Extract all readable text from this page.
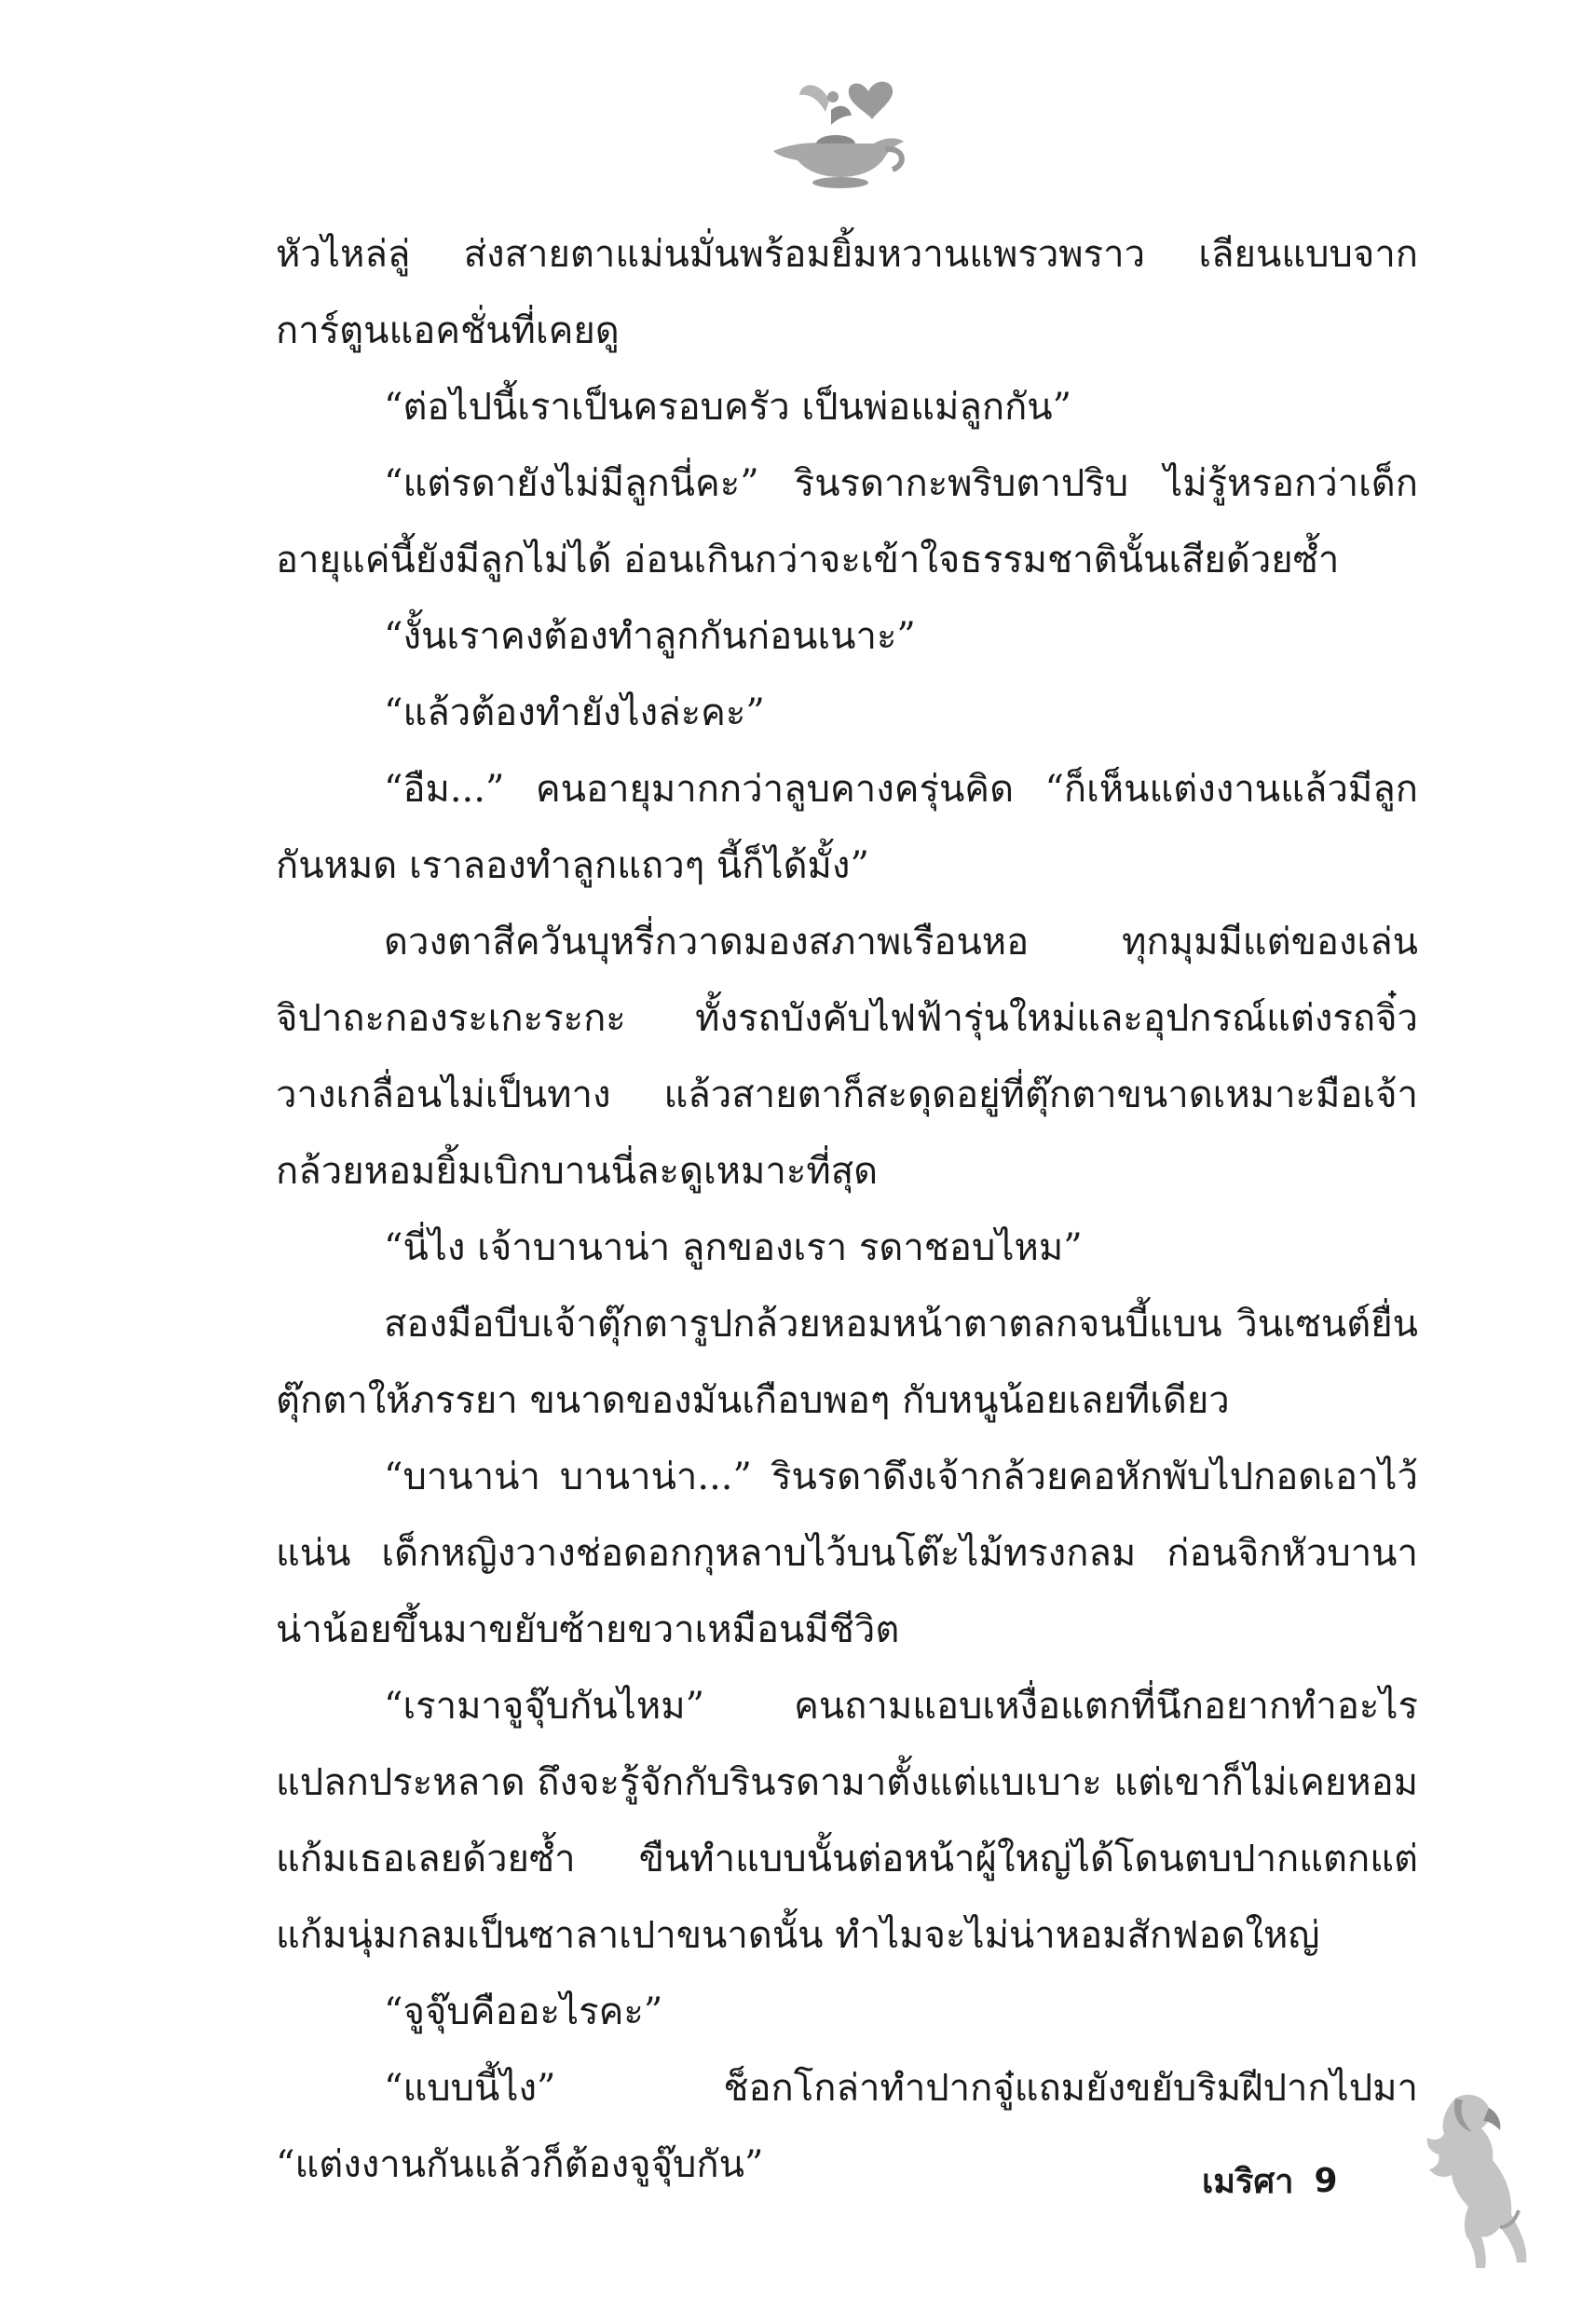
หัวไหล่ลู่ ส่งสายตาแม่นมั่นพร้อมยิ้มหวานแพรวพราว เลียนแบบจากการ์ตูนแอคชั่นที่เคยดู

“ต่อไปนี้เราเป็นครอบครัว เป็นพ่อแม่ลูกกัน”

“แต่รดายังไม่มีลูกนี่คะ” รินรดากะพริบตาปริบ ไม่รู้หรอกว่าเด็กอายุแค่นี้ยังมีลูกไม่ได้ อ่อนเกินกว่าจะเข้าใจธรรมชาตินั้นเสียด้วยซ้ำ

“งั้นเราคงต้องทำลูกกันก่อนเนาะ”

“แล้วต้องทำยังไงล่ะคะ”

“อืม...” คนอายุมากกว่าลูบคางครุ่นคิด “ก็เห็นแต่งงานแล้วมีลูกกันหมด เราลองทำลูกแถวๆ นี้ก็ได้มั้ง”

ดวงตาสีควันบุหรี่กวาดมองสภาพเรือนหอ ทุกมุมมีแต่ของเล่นจิปาถะกองระเกะระกะ ทั้งรถบังคับไฟฟ้ารุ่นใหม่และอุปกรณ์แต่งรถจิ๋ววางเกลื่อนไม่เป็นทาง แล้วสายตาก็สะดุดอยู่ที่ตุ๊กตาขนาดเหมาะมือเจ้ากล้วยหอมยิ้มเบิกบานนี่ละดูเหมาะที่สุด

“นี่ไง เจ้าบานาน่า ลูกของเรา รดาชอบไหม”

สองมือบีบเจ้าตุ๊กตารูปกล้วยหอมหน้าตาตลกจนบี้แบน วินเซนต์ยื่นตุ๊กตาให้ภรรยา ขนาดของมันเกือบพอๆ กับหนูน้อยเลยทีเดียว

“บานาน่า บานาน่า...” รินรดาดึงเจ้ากล้วยคอหักพับไปกอดเอาไว้แน่น เด็กหญิงวางช่อดอกกุหลาบไว้บนโต๊ะไม้ทรงกลม ก่อนจิกหัวบานาน่าน้อยขึ้นมาขยับซ้ายขวาเหมือนมีชีวิต

“เรามาจูจุ๊บกันไหม” คนถามแอบเหงื่อแตกที่นึกอยากทำอะไรแปลกประหลาด ถึงจะรู้จักกับรินรดามาตั้งแต่แบเบาะ แต่เขาก็ไม่เคยหอมแก้มเธอเลยด้วยซ้ำ ขืนทำแบบนั้นต่อหน้าผู้ใหญ่ได้โดนตบปากแตกแต่แก้มนุ่มกลมเป็นซาลาเปาขนาดนั้น ทำไมจะไม่น่าหอมสักฟอดใหญ่

“จูจุ๊บคืออะไรคะ”

“แบบนี้ไง” ช็อกโกล่าทำปากจู๋แถมยังขยับริมฝีปากไปมา “แต่งงานกันแล้วก็ต้องจูจุ๊บกัน”	เมริศา 9
